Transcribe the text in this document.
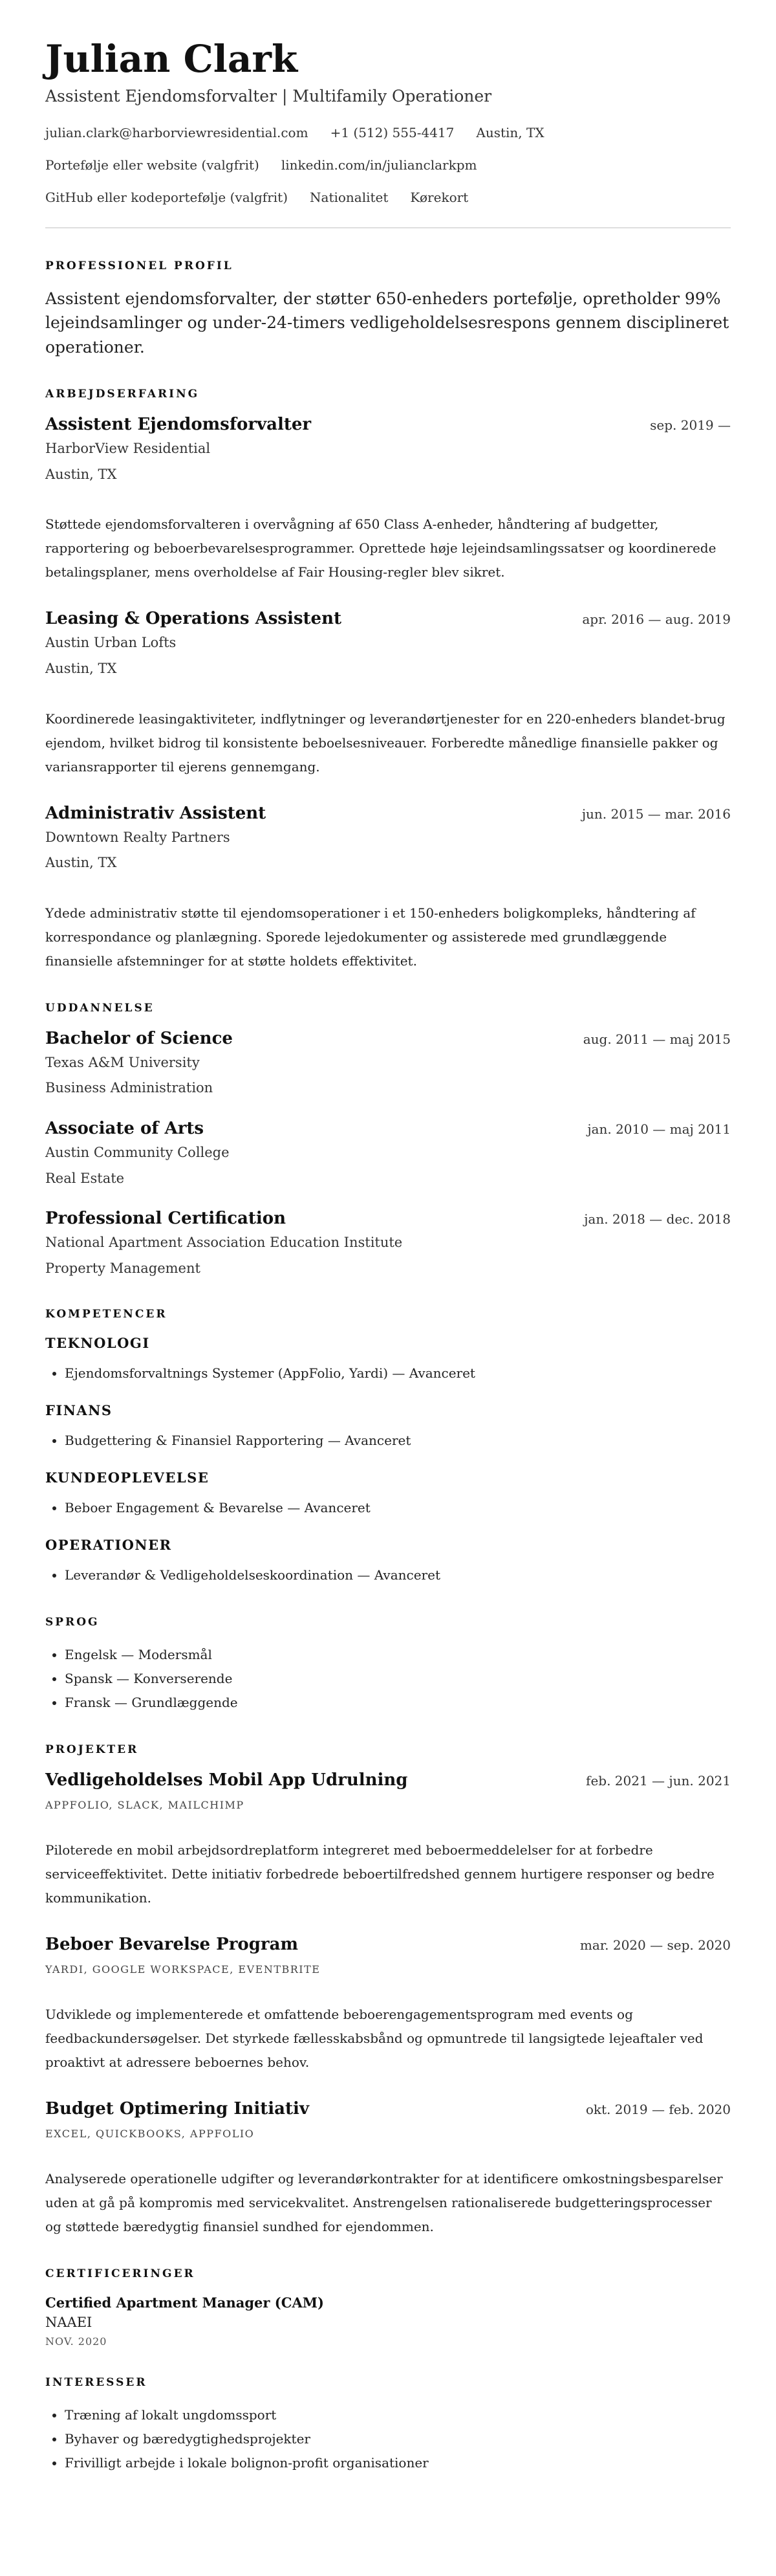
Julian Clark
Assistent Ejendomsforvalter | Multifamily Operationer
julian.clark@harborviewresidential.com +1 (512) 555-4417 Austin, TX
Portefølje eller website (valgfrit) linkedin.com/in/julianclarkpm
GitHub eller kodeportefølje (valgfrit) Nationalitet Kørekort
PROFESSIONEL PROFIL

Assistent ejendomsforvalter, der støtter 650-enheders portefølje, opretholder 99% lejeindsamlinger og under-24-timers vedligeholdelsesrespons gennem disciplineret operationer.

ARBEJDSERFARING
Assistent Ejendomsforvalter	sep. 2019 —
HarborView Residential
Austin, TX
Støttede ejendomsforvalteren i overvågning af 650 Class A-enheder, håndtering af budgetter, rapportering og beboerbevarelsesprogrammer. Oprettede høje lejeindsamlingssatser og koordinerede betalingsplaner, mens overholdelse af Fair Housing-regler blev sikret.
Leasing & Operations Assistent	apr. 2016 — aug. 2019
Austin Urban Lofts
Austin, TX
Koordinerede leasingaktiviteter, indflytninger og leverandørtjenester for en 220-enheders blandet-brug ejendom, hvilket bidrog til konsistente beboelsesniveauer. Forberedte månedlige finansielle pakker og variansrapporter til ejerens gennemgang.
Administrativ Assistent	jun. 2015 — mar. 2016
Downtown Realty Partners
Austin, TX
Ydede administrativ støtte til ejendomsoperationer i et 150-enheders boligkompleks, håndtering af korrespondance og planlægning. Sporede lejedokumenter og assisterede med grundlæggende finansielle afstemninger for at støtte holdets effektivitet.
UDDANNELSE
Bachelor of Science	aug. 2011 — maj 2015
Texas A&M University
Business Administration
Associate of Arts	jan. 2010 — maj 2011
Austin Community College
Real Estate
Professional Certification	jan. 2018 — dec. 2018
National Apartment Association Education Institute
Property Management
KOMPETENCER
TEKNOLOGI
• Ejendomsforvaltnings Systemer (AppFolio, Yardi) — Avanceret
FINANS
• Budgettering & Finansiel Rapportering — Avanceret
KUNDEOPLEVELSE
• Beboer Engagement & Bevarelse — Avanceret
OPERATIONER
• Leverandør & Vedligeholdelseskoordination — Avanceret
SPROG
• Engelsk — Modersmål
• Spansk — Konverserende
• Fransk — Grundlæggende
PROJEKTER
Vedligeholdelses Mobil App Udrulning	feb. 2021 — jun. 2021
APPFOLIO, SLACK, MAILCHIMP
Piloterede en mobil arbejdsordreplatform integreret med beboermeddelelser for at forbedre serviceeffektivitet. Dette initiativ forbedrede beboertilfredshed gennem hurtigere responser og bedre kommunikation.
Beboer Bevarelse Program	mar. 2020 — sep. 2020
YARDI, GOOGLE WORKSPACE, EVENTBRITE
Udviklede og implementerede et omfattende beboerengagementsprogram med events og feedbackundersøgelser. Det styrkede fællesskabsbånd og opmuntrede til langsigtede lejeaftaler ved proaktivt at adressere beboernes behov.
Budget Optimering Initiativ	okt. 2019 — feb. 2020
EXCEL, QUICKBOOKS, APPFOLIO
Analyserede operationelle udgifter og leverandørkontrakter for at identificere omkostningsbesparelser uden at gå på kompromis med servicekvalitet. Anstrengelsen rationaliserede budgetteringsprocesser og støttede bæredygtig finansiel sundhed for ejendommen.
CERTIFICERINGER
Certified Apartment Manager (CAM)
NAAEI
NOV. 2020
INTERESSER
• Træning af lokalt ungdomssport
• Byhaver og bæredygtighedsprojekter
• Frivilligt arbejde i lokale bolignon-profit organisationer
